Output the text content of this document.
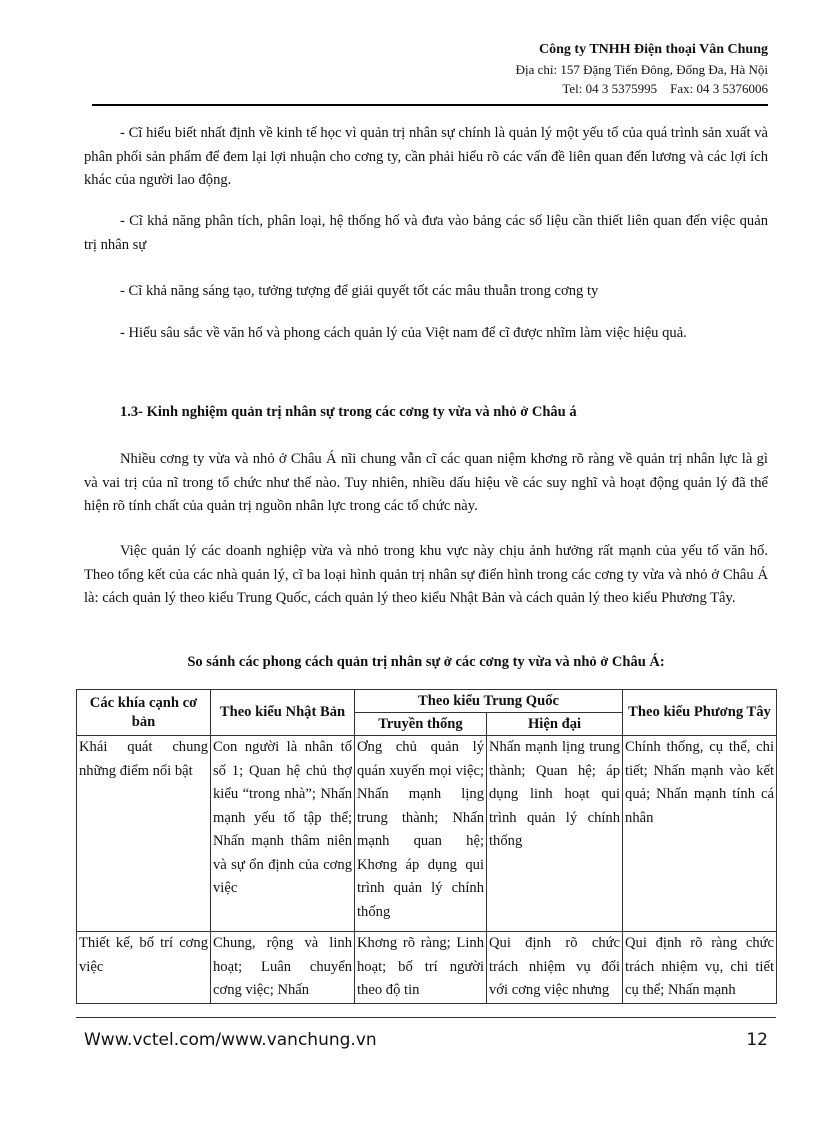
Công ty TNHH Điện thoại Vân Chung
Địa chỉ: 157 Đặng Tiến Đông, Đống Đa, Hà Nội
Tel: 04 3 5375995    Fax: 04 3 5376006

- Cĩ hiểu biết nhất định về kinh tế học vì quản trị nhân sự chính là quản lý một yếu tố của quá trình sản xuất và phân phối sản phẩm để đem lại lợi nhuận cho cơng ty, cần phải hiểu rõ các vấn đề liên quan đến lương và các lợi ích khác của người lao động.

- Cĩ khả năng phân tích, phân loại, hệ thống hố và đưa vào bảng các số liệu cần thiết liên quan đến việc quản trị nhân sự

- Cĩ khả năng sáng tạo, tưởng tượng để giải quyết tốt các mâu thuẫn trong cơng ty

- Hiểu sâu sắc về văn hố và phong cách quản lý của Việt nam để cĩ được nhĩm làm việc hiệu quả.

1.3- Kinh nghiệm quản trị nhân sự trong các cơng ty vừa và nhỏ ở Châu á

Nhiều cơng ty vừa và nhỏ ở Châu Á nĩi chung vẫn cĩ các quan niệm khơng rõ ràng về quản trị nhân lực là gì và vai trị của nĩ trong tổ chức như thế nào. Tuy nhiên, nhiều dấu hiệu về các suy nghĩ và hoạt động quản lý đã thể hiện rõ tính chất của quản trị nguồn nhân lực trong các tổ chức này.

Việc quản lý các doanh nghiệp vừa và nhỏ trong khu vực này chịu ảnh hưởng rất mạnh của yếu tố văn hố. Theo tổng kết của các nhà quản lý, cĩ ba loại hình quản trị nhân sự điển hình trong các cơng ty vừa và nhỏ ở Châu Á là: cách quản lý theo kiểu Trung Quốc, cách quản lý theo kiểu Nhật Bản và cách quản lý theo kiểu Phương Tây.

So sánh các phong cách quản trị nhân sự ở các cơng ty vừa và nhỏ ở Châu Á:
Các khía cạnh cơ bản	Theo kiểu Nhật Bản	Theo kiểu Trung Quốc		Theo kiểu Phương Tây
		Truyền thống	Hiện đại	
Khái quát chung những điểm nổi bật	Con người là nhân tố số 1; Quan hệ chủ thợ kiểu “trong nhà”; Nhấn mạnh yếu tố tập thể; Nhấn mạnh thâm niên và sự ổn định của cơng việc	Ơng chủ quản lý quán xuyến mọi việc; Nhấn mạnh lịng trung thành; Nhấn mạnh quan hệ; Khơng áp dụng qui trình quản lý chính thống	Nhấn mạnh lịng trung thành; Quan hệ; áp dụng linh hoạt qui trình quản lý chính thống	Chính thống, cụ thể, chi tiết; Nhấn mạnh vào kết quả; Nhấn mạnh tính cá nhân
Thiết kế, bố trí cơng việc	Chung, rộng và linh hoạt; Luân chuyển cơng việc; Nhấn	Khơng rõ ràng; Linh hoạt; bố trí người theo độ tin	Qui định rõ chức trách nhiệm vụ đối với cơng việc nhưng	Qui định rõ ràng chức trách nhiệm vụ, chi tiết cụ thể; Nhấn mạnh
Www.vctel.com/www.vanchung.vn	12
